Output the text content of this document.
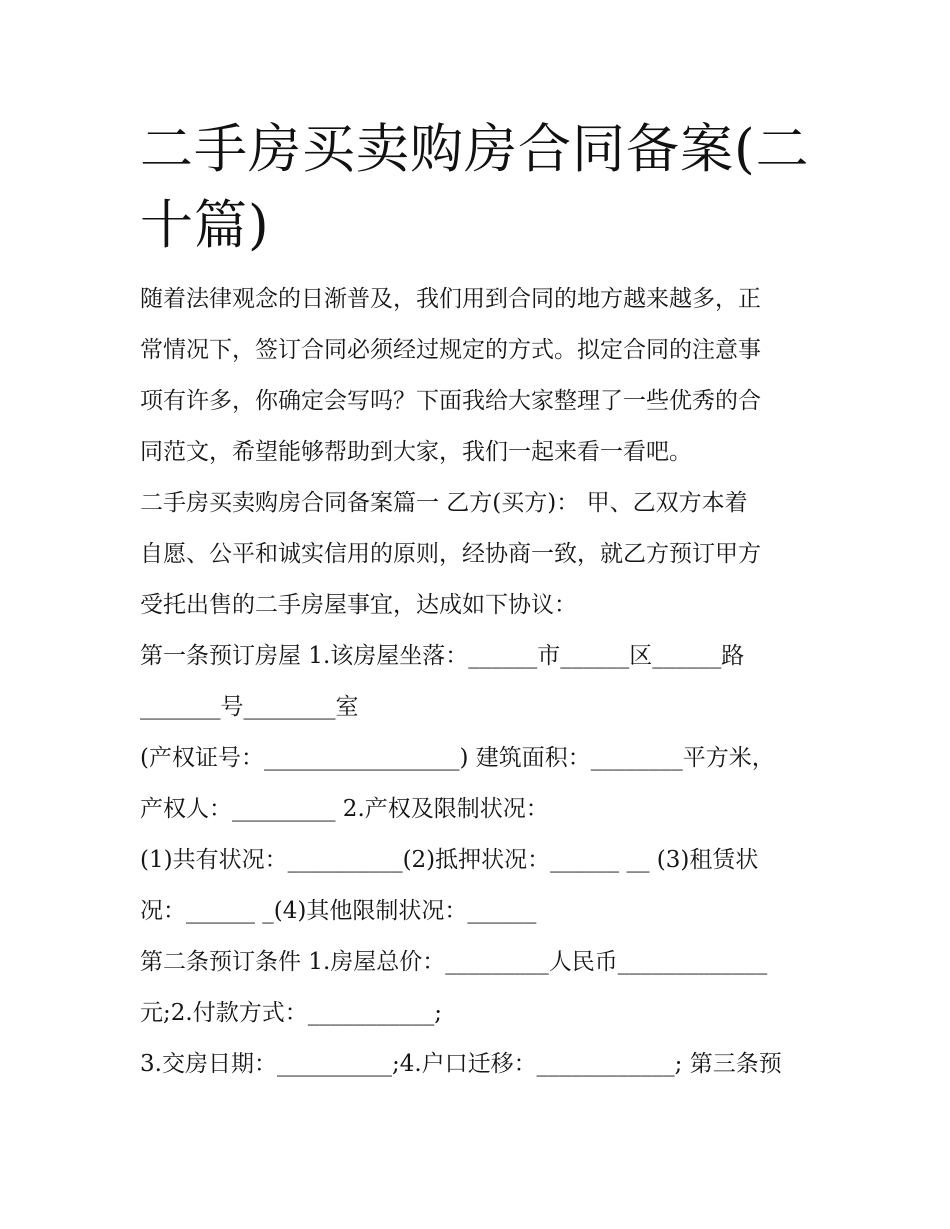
二手房买卖购房合同备案(二十篇)

随着法律观念的日渐普及，我们用到合同的地方越来越多，正

常情况下，签订合同必须经过规定的方式。拟定合同的注意事

项有许多，你确定会写吗？下面我给大家整理了一些优秀的合

同范文，希望能够帮助到大家，我们一起来看一看吧。

二手房买卖购房合同备案篇一 乙方(买方)： 甲、乙双方本着

自愿、公平和诚实信用的原则，经协商一致，就乙方预订甲方

受托出售的二手房屋事宜，达成如下协议：

第一条预订房屋 1.该房屋坐落：______市______区______路

_______号________室

(产权证号：_________________) 建筑面积：________平方米，

产权人：_________ 2.产权及限制状况：

(1)共有状况：__________(2)抵押状况：______ __ (3)租赁状

况：______ _(4)其他限制状况：______

第二条预订条件 1.房屋总价：_________人民币_____________

元;2.付款方式：___________;

3.交房日期：__________;4.户口迁移：____________; 第三条预
